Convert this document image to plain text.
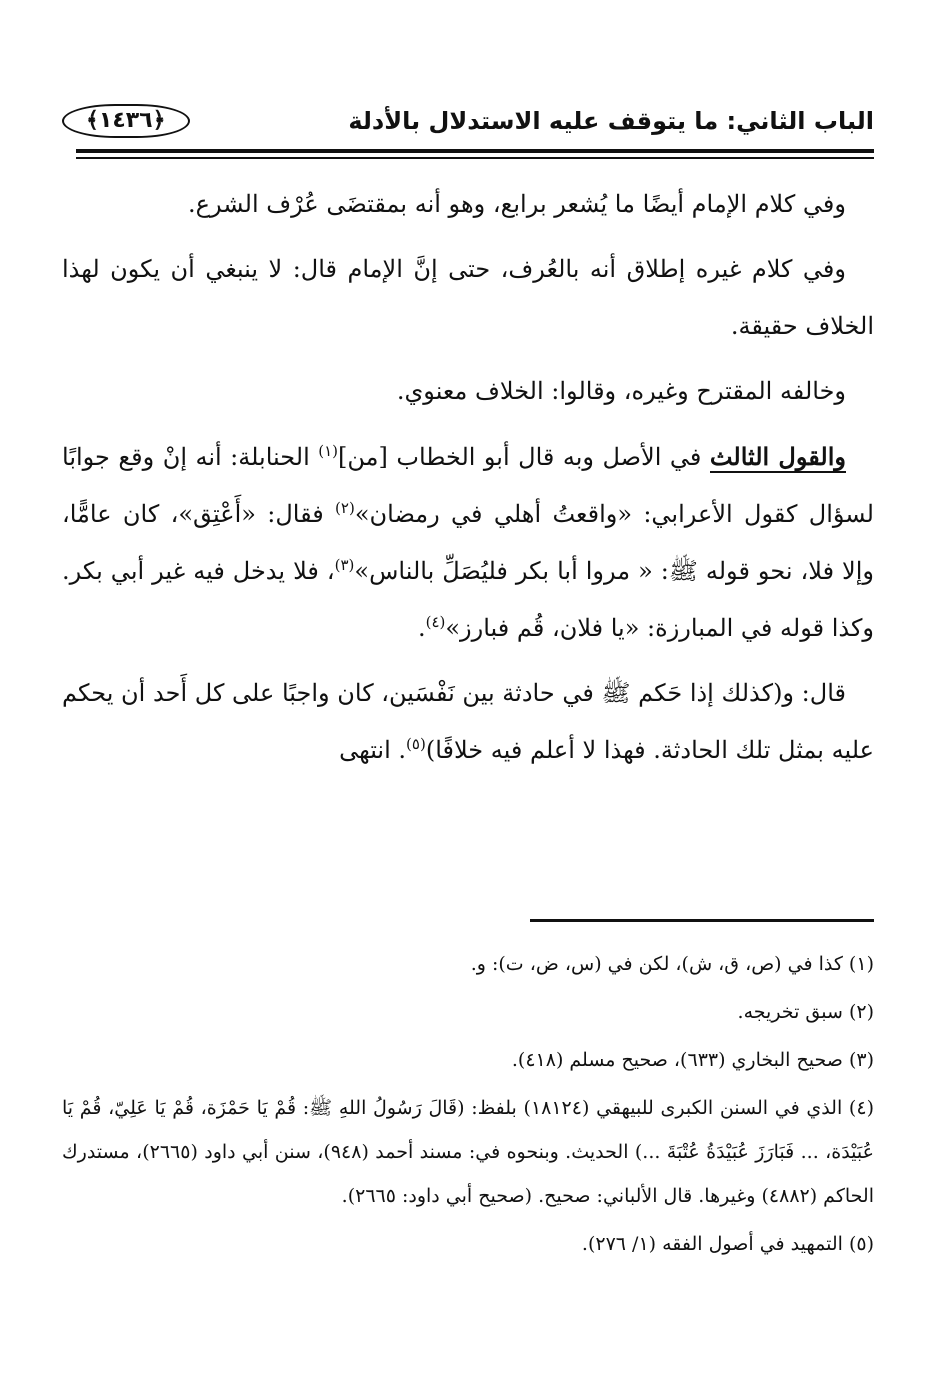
الباب الثاني: ما يتوقف عليه الاستدلال بالأدلة
﴿١٤٣٦﴾

وفي كلام الإمام أيضًا ما يُشعر برابع، وهو أنه بمقتضَى عُرْف الشرع.

وفي كلام غيره إطلاق أنه بالعُرف، حتى إنَّ الإمام قال: لا ينبغي أن يكون لهذا الخلاف حقيقة.

وخالفه المقترح وغيره، وقالوا: الخلاف معنوي.

والقول الثالث في الأصل وبه قال أبو الخطاب [من]$^{(١)}$ الحنابلة: أنه إنْ وقع جوابًا لسؤال كقول الأعرابي: «واقعتُ أهلي في رمضان»$^{(٢)}$ فقال: «أَعْتِق»، كان عامًّا، وإلا فلا، نحو قوله ﷺ: « مروا أبا بكر فليُصَلِّ بالناس»$^{(٣)}$، فلا يدخل فيه غير أبي بكر. وكذا قوله في المبارزة: «يا فلان، قُم فبارز»$^{(٤)}$.

قال: و(كذلك إذا حَكم ﷺ في حادثة بين نَفْسَين، كان واجبًا على كل أَحد أن يحكم عليه بمثل تلك الحادثة. فهذا لا أعلم فيه خلافًا)$^{(٥)}$. انتهى

(١) كذا في (ص، ق، ش)، لكن في (س، ض، ت): و.

(٢) سبق تخريجه.

(٣) صحيح البخاري (٦٣٣)، صحيح مسلم (٤١٨).

(٤) الذي في السنن الكبرى للبيهقي (١٨١٢٤) بلفظ: (قَالَ رَسُولُ اللهِ ﷺ: قُمْ يَا حَمْزَة، قُمْ يَا عَلِيّ، قُمْ يَا عُبَيْدَة، ... فَبَارَزَ عُبَيْدَةُ عُتْبَةَ ...) الحديث. وبنحوه في: مسند أحمد (٩٤٨)، سنن أبي داود (٢٦٦٥)، مستدرك الحاكم (٤٨٨٢) وغيرها. قال الألباني: صحيح. (صحيح أبي داود: ٢٦٦٥).

(٥) التمهيد في أصول الفقه (١/ ٢٧٦).
